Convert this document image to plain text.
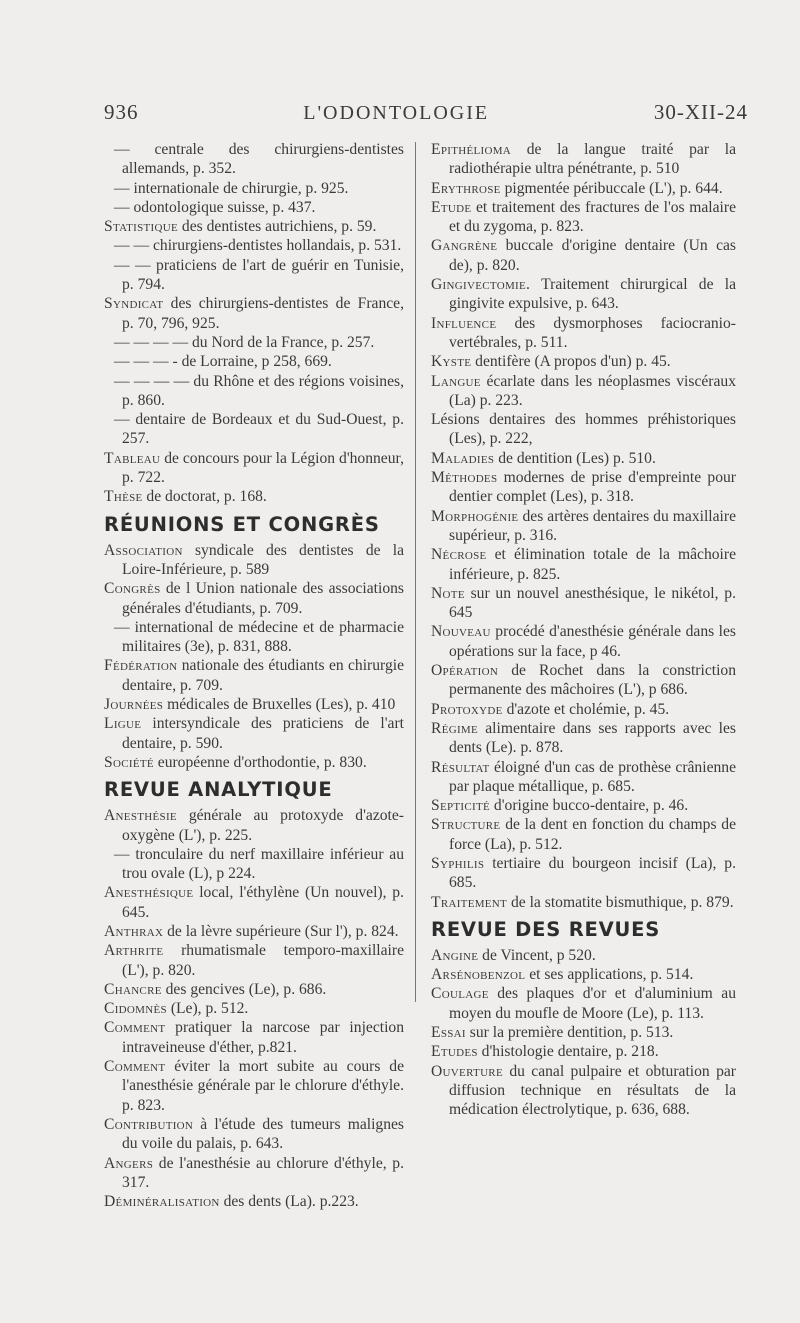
936	L'ODONTOLOGIE	30-XII-24

— centrale des chirurgiens-dentistes allemands, p. 352.

— internationale de chirurgie, p. 925.

— odontologique suisse, p. 437.

Statistique des dentistes autrichiens, p. 59.

— — chirurgiens-dentistes hollandais, p. 531.

— — praticiens de l'art de guérir en Tunisie, p. 794.

Syndicat des chirurgiens-dentistes de France, p. 70, 796, 925.

— — — — du Nord de la France, p. 257.

— — — - de Lorraine, p 258, 669.

— — — — du Rhône et des régions voisines, p. 860.

— dentaire de Bordeaux et du Sud-Ouest, p. 257.

Tableau de concours pour la Légion d'honneur, p. 722.

Thèse de doctorat, p. 168.

RÉUNIONS ET CONGRÈS

Association syndicale des dentistes de la Loire-Inférieure, p. 589

Congrès de l Union nationale des associations générales d'étudiants, p. 709.

— international de médecine et de pharmacie militaires (3e), p. 831, 888.

Fédération nationale des étudiants en chirurgie dentaire, p. 709.

Journées médicales de Bruxelles (Les), p. 410

Ligue intersyndicale des praticiens de l'art dentaire, p. 590.

Société européenne d'orthodontie, p. 830.

REVUE ANALYTIQUE

Anesthésie générale au protoxyde d'azote-oxygène (L'), p. 225.

— tronculaire du nerf maxillaire inférieur au trou ovale (L), p 224.

Anesthésique local, l'éthylène (Un nouvel), p. 645.

Anthrax de la lèvre supérieure (Sur l'), p. 824.

Arthrite rhumatismale temporo-maxillaire (L'), p. 820.

Chancre des gencives (Le), p. 686.

Cidomnès (Le), p. 512.

Comment pratiquer la narcose par injection intraveineuse d'éther, p.821.

Comment éviter la mort subite au cours de l'anesthésie générale par le chlorure d'éthyle. p. 823.

Contribution à l'étude des tumeurs malignes du voile du palais, p. 643.

Angers de l'anesthésie au chlorure d'éthyle, p. 317.

Déminéralisation des dents (La). p.223.

Epithélioma de la langue traité par la radiothérapie ultra pénétrante, p. 510

Erythrose pigmentée péribuccale (L'), p. 644.

Etude et traitement des fractures de l'os malaire et du zygoma, p. 823.

Gangrène buccale d'origine dentaire (Un cas de), p. 820.

Gingivectomie. Traitement chirurgical de la gingivite expulsive, p. 643.

Influence des dysmorphoses faciocranio-vertébrales, p. 511.

Kyste dentifère (A propos d'un) p. 45.

Langue écarlate dans les néoplasmes viscéraux (La) p. 223.

Lésions dentaires des hommes préhistoriques (Les), p. 222,

Maladies de dentition (Les) p. 510.

Méthodes modernes de prise d'empreinte pour dentier complet (Les), p. 318.

Morphogénie des artères dentaires du maxillaire supérieur, p. 316.

Nécrose et élimination totale de la mâchoire inférieure, p. 825.

Note sur un nouvel anesthésique, le nikétol, p. 645

Nouveau procédé d'anesthésie générale dans les opérations sur la face, p 46.

Opération de Rochet dans la constriction permanente des mâchoires (L'), p 686.

Protoxyde d'azote et cholémie, p. 45.

Régime alimentaire dans ses rapports avec les dents (Le). p. 878.

Résultat éloigné d'un cas de prothèse crânienne par plaque métallique, p. 685.

Septicité d'origine bucco-dentaire, p. 46.

Structure de la dent en fonction du champs de force (La), p. 512.

Syphilis tertiaire du bourgeon incisif (La), p. 685.

Traitement de la stomatite bismuthique, p. 879.

REVUE DES REVUES

Angine de Vincent, p 520.

Arsénobenzol et ses applications, p. 514.

Coulage des plaques d'or et d'aluminium au moyen du moufle de Moore (Le), p. 113.

Essai sur la première dentition, p. 513.

Etudes d'histologie dentaire, p. 218.

Ouverture du canal pulpaire et obturation par diffusion technique en résultats de la médication électrolytique, p. 636, 688.
